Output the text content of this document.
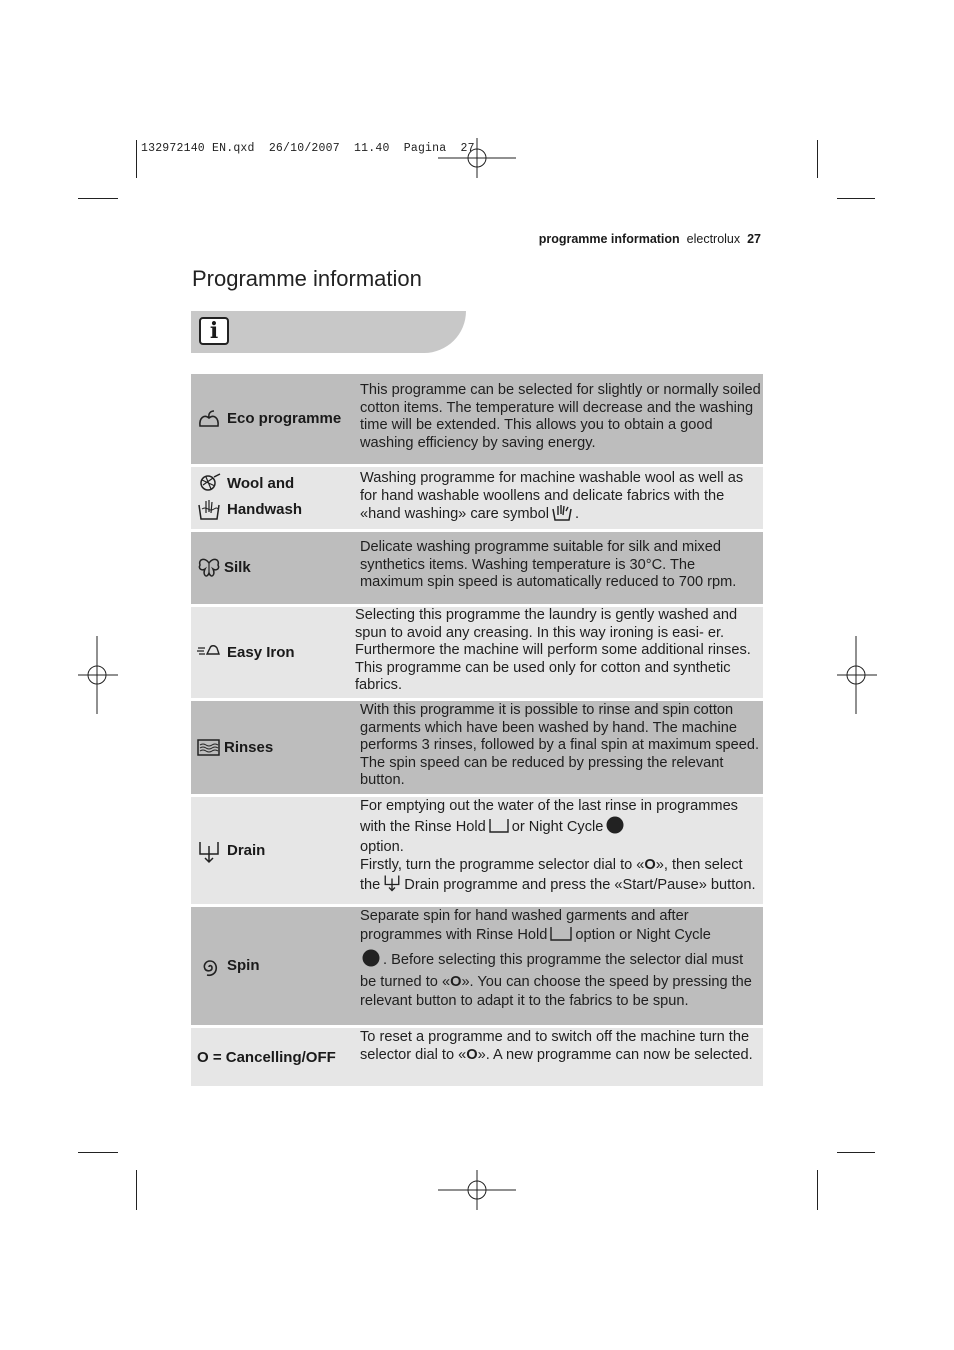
132972140 EN.qxd  26/10/2007  11.40  Pagina  27
programme information electrolux 27
Programme information
i
Eco programme
This programme can be selected for slightly or normally soiled cotton items. The temperature will decrease and the washing time will be extended. This allows you to obtain a good washing efficiency by saving energy.
Wool and
Handwash
Washing programme for machine washable wool as well as for hand washable woollens and delicate fabrics with the «hand washing» care symbol .
Silk
Delicate washing programme suitable for silk and mixed synthetics items. Washing temperature is 30°C. The maximum spin speed is automatically reduced to 700 rpm.
Easy Iron
Selecting this programme the laundry is gently washed and spun to avoid any creasing. In this way ironing is easi- er. Furthermore the machine will perform some additional rinses. This programme can be used only for cotton and synthetic fabrics.
Rinses
With this programme it is possible to rinse and spin cotton garments which have been washed by hand. The machine performs 3 rinses, followed by a final spin at maximum speed. The spin speed can be reduced by pressing the relevant button.
Drain
For emptying out the water of the last rinse in programmes with the Rinse Hold or Night Cycle
option.
Firstly, turn the programme selector dial to «O», then select the Drain programme and press the «Start/Pause» button.
Spin
Separate spin for hand washed garments and after programmes with Rinse Hold option or Night Cycle
. Before selecting this programme the selector dial must be turned to «O». You can choose the speed by pressing the relevant button to adapt it to the fabrics to be spun.
O = Cancelling/OFF
To reset a programme and to switch off the machine turn the selector dial to «O». A new programme can now be selected.
